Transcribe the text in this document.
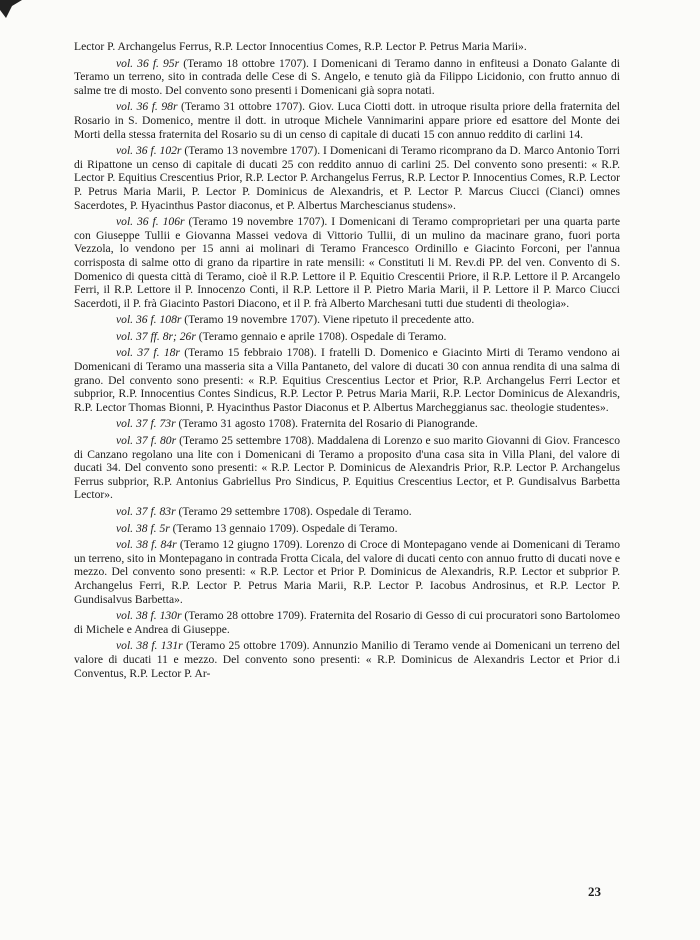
Lector P. Archangelus Ferrus, R.P. Lector Innocentius Comes, R.P. Lector P. Petrus Maria Marii».

vol. 36 f. 95r (Teramo 18 ottobre 1707). I Domenicani di Teramo danno in enfiteusi a Donato Galante di Teramo un terreno, sito in contrada delle Cese di S. Angelo, e tenuto già da Filippo Licidonio, con frutto annuo di salme tre di mosto. Del convento sono presenti i Domenicani già sopra notati.

vol. 36 f. 98r (Teramo 31 ottobre 1707). Giov. Luca Ciotti dott. in utroque risulta priore della fraternita del Rosario in S. Domenico, mentre il dott. in utroque Michele Vannimarini appare priore ed esattore del Monte dei Morti della stessa fraternita del Rosario su di un censo di capitale di ducati 15 con annuo reddito di carlini 14.

vol. 36 f. 102r (Teramo 13 novembre 1707). I Domenicani di Teramo ricomprano da D. Marco Antonio Torri di Ripattone un censo di capitale di ducati 25 con reddito annuo di carlini 25. Del convento sono presenti: « R.P. Lector P. Equitius Crescentius Prior, R.P. Lector P. Archangelus Ferrus, R.P. Lector P. Innocentius Comes, R.P. Lector P. Petrus Maria Marii, P. Lector P. Dominicus de Alexandris, et P. Lector P. Marcus Ciucci (Cianci) omnes Sacerdotes, P. Hyacinthus Pastor diaconus, et P. Albertus Marchescianus studens».

vol. 36 f. 106r (Teramo 19 novembre 1707). I Domenicani di Teramo comproprietari per una quarta parte con Giuseppe Tullii e Giovanna Massei vedova di Vittorio Tullii, di un mulino da macinare grano, fuori porta Vezzola, lo vendono per 15 anni ai molinari di Teramo Francesco Ordinillo e Giacinto Forconi, per l'annua corrisposta di salme otto di grano da ripartire in rate mensili: « Constituti li M. Rev.di PP. del ven. Convento di S. Domenico di questa città di Teramo, cioè il R.P. Lettore il P. Equitio Crescentii Priore, il R.P. Lettore il P. Arcangelo Ferri, il R.P. Lettore il P. Innocenzo Conti, il R.P. Lettore il P. Pietro Maria Marii, il P. Lettore il P. Marco Ciucci Sacerdoti, il P. frà Giacinto Pastori Diacono, et il P. frà Alberto Marchesani tutti due studenti di theologia».

vol. 36 f. 108r (Teramo 19 novembre 1707). Viene ripetuto il precedente atto.

vol. 37 ff. 8r; 26r (Teramo gennaio e aprile 1708). Ospedale di Teramo.

vol. 37 f. 18r (Teramo 15 febbraio 1708). I fratelli D. Domenico e Giacinto Mirti di Teramo vendono ai Domenicani di Teramo una masseria sita a Villa Pantaneto, del valore di ducati 30 con annua rendita di una salma di grano. Del convento sono presenti: « R.P. Equitius Crescentius Lector et Prior, R.P. Archangelus Ferri Lector et subprior, R.P. Innocentius Contes Sindicus, R.P. Lector P. Petrus Maria Marii, R.P. Lector Dominicus de Alexandris, R.P. Lector Thomas Bionni, P. Hyacinthus Pastor Diaconus et P. Albertus Marcheggianus sac. theologie studentes».

vol. 37 f. 73r (Teramo 31 agosto 1708). Fraternita del Rosario di Pianogrande.

vol. 37 f. 80r (Teramo 25 settembre 1708). Maddalena di Lorenzo e suo marito Giovanni di Giov. Francesco di Canzano regolano una lite con i Domenicani di Teramo a proposito d'una casa sita in Villa Plani, del valore di ducati 34. Del convento sono presenti: « R.P. Lector P. Dominicus de Alexandris Prior, R.P. Lector P. Archangelus Ferrus subprior, R.P. Antonius Gabriellus Pro Sindicus, P. Equitius Crescentius Lector, et P. Gundisalvus Barbetta Lector».

vol. 37 f. 83r (Teramo 29 settembre 1708). Ospedale di Teramo.

vol. 38 f. 5r (Teramo 13 gennaio 1709). Ospedale di Teramo.

vol. 38 f. 84r (Teramo 12 giugno 1709). Lorenzo di Croce di Montepagano vende ai Domenicani di Teramo un terreno, sito in Montepagano in contrada Frotta Cicala, del valore di ducati cento con annuo frutto di ducati nove e mezzo. Del convento sono presenti: « R.P. Lector et Prior P. Dominicus de Alexandris, R.P. Lector et subprior P. Archangelus Ferri, R.P. Lector P. Petrus Maria Marii, R.P. Lector P. Iacobus Androsinus, et R.P. Lector P. Gundisalvus Barbetta».

vol. 38 f. 130r (Teramo 28 ottobre 1709). Fraternita del Rosario di Gesso di cui procuratori sono Bartolomeo di Michele e Andrea di Giuseppe.

vol. 38 f. 131r (Teramo 25 ottobre 1709). Annunzio Manilio di Teramo vende ai Domenicani un terreno del valore di ducati 11 e mezzo. Del convento sono presenti: « R.P. Dominicus de Alexandris Lector et Prior d.i Conventus, R.P. Lector P. Ar-

23
